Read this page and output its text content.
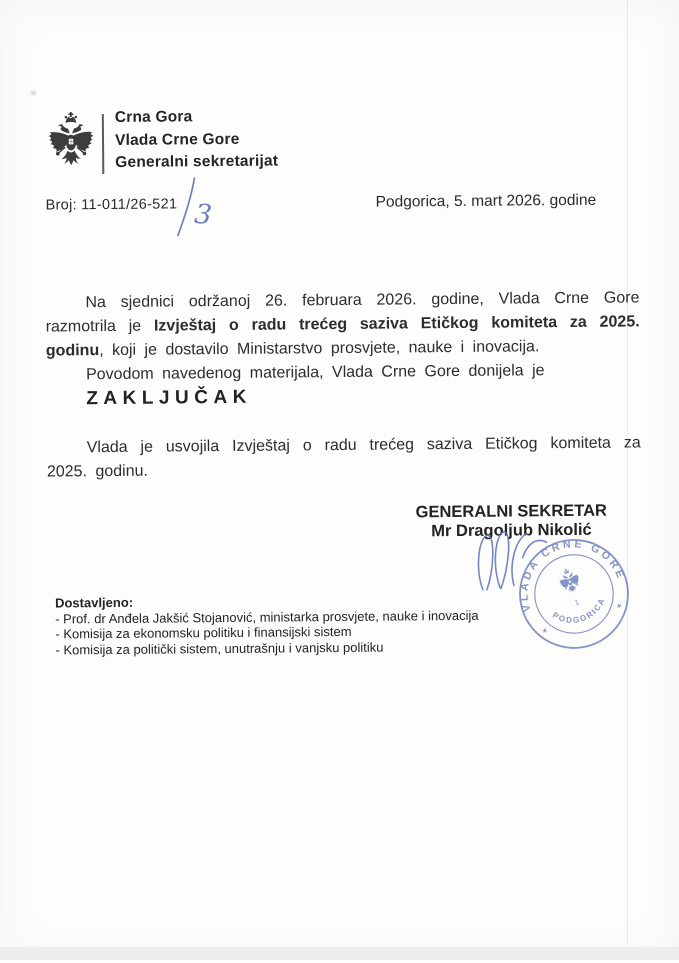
Crna Gora
Vlada Crne Gore
Generalni sekretarijat
Broj: 11-011/26-521 3	Podgorica, 5. mart 2026. godine

Na sjednici održanoj 26. februara 2026. godine, Vlada Crne Gore razmotrila je Izvještaj o radu trećeg saziva Etičkog komiteta za 2025. godinu, koji je dostavilo Ministarstvo prosvjete, nauke i inovacija.

Povodom navedenog materijala, Vlada Crne Gore donijela je

ZAKLJUČAK

Vlada je usvojila Izvještaj o radu trećeg saziva Etičkog komiteta za 2025. godinu.

GENERALNI SEKRETAR
Mr Dragoljub Nikolić
VLADA CRNE GORE
PODGORICA
✶
✶
1
Dostavljeno:
- Prof. dr Anđela Jakšić Stojanović, ministarka prosvjete, nauke i inovacija
- Komisija za ekonomsku politiku i finansijski sistem
- Komisija za politički sistem, unutrašnju i vanjsku politiku
